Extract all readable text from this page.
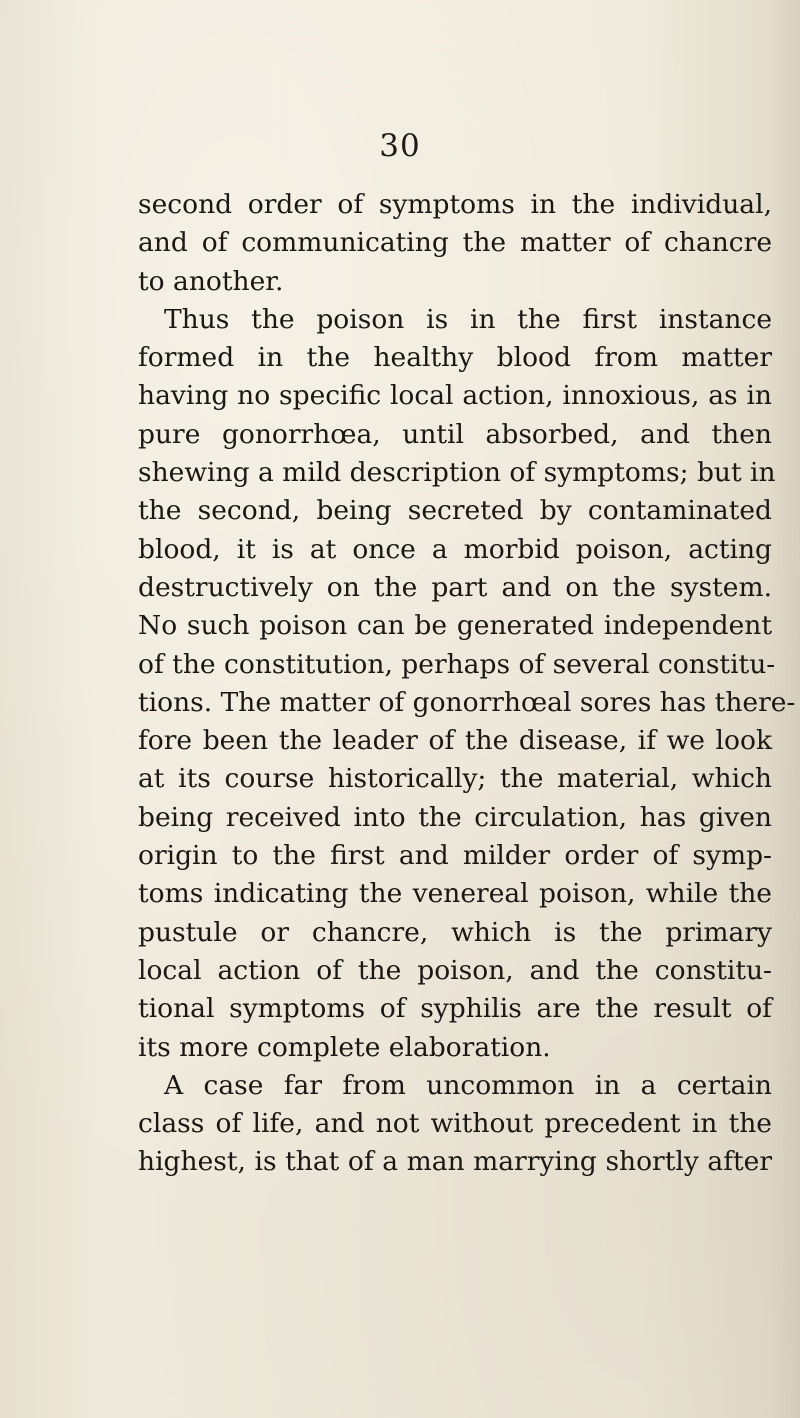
30
second order of symptoms in the individual,
and of communicating the matter of chancre
to another.
Thus the poison is in the first instance
formed in the healthy blood from matter
having no specific local action, innoxious, as in
pure gonorrhœa, until absorbed, and then
shewing a mild description of symptoms; but in
the second, being secreted by contaminated
blood, it is at once a morbid poison, acting
destructively on the part and on the system.
No such poison can be generated independent
of the constitution, perhaps of several constitu-
tions. The matter of gonorrhœal sores has there-
fore been the leader of the disease, if we look
at its course historically; the material, which
being received into the circulation, has given
origin to the first and milder order of symp-
toms indicating the venereal poison, while the
pustule or chancre, which is the primary
local action of the poison, and the constitu-
tional symptoms of syphilis are the result of
its more complete elaboration.
A case far from uncommon in a certain
class of life, and not without precedent in the
highest, is that of a man marrying shortly after
